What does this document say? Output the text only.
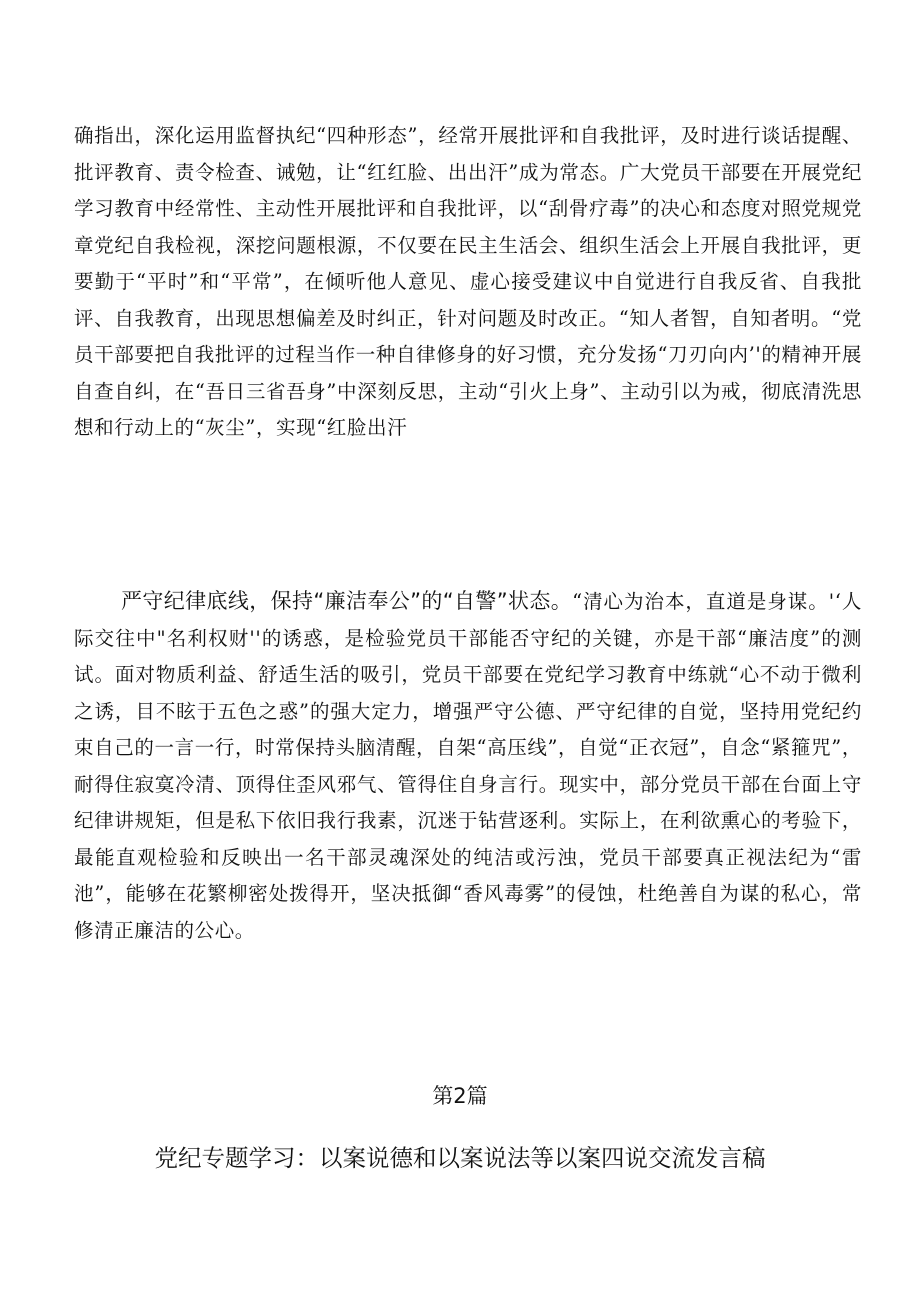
确指出，深化运用监督执纪“四种形态”，经常开展批评和自我批评，及时进行谈话提醒、批评教育、责令检查、诫勉，让“红红脸、出出汗”成为常态。广大党员干部要在开展党纪学习教育中经常性、主动性开展批评和自我批评，以“刮骨疗毒”的决心和态度对照党规党章党纪自我检视，深挖问题根源，不仅要在民主生活会、组织生活会上开展自我批评，更要勤于“平时”和“平常”，在倾听他人意见、虚心接受建议中自觉进行自我反省、自我批评、自我教育，出现思想偏差及时纠正，针对问题及时改正。“知人者智，自知者明。“党员干部要把自我批评的过程当作一种自律修身的好习惯，充分发扬“刀刃向内’'的精神开展自查自纠，在“吾日三省吾身”中深刻反思，主动“引火上身”、主动引以为戒，彻底清洗思想和行动上的“灰尘”，实现“红脸出汗

严守纪律底线，保持“廉洁奉公”的“自警”状态。“清心为治本，直道是身谋。'‘人际交往中"名利权财''的诱惑，是检验党员干部能否守纪的关键，亦是干部“廉洁度”的测试。面对物质利益、舒适生活的吸引，党员干部要在党纪学习教育中练就“心不动于微利之诱，目不眩于五色之惑”的强大定力，增强严守公德、严守纪律的自觉，坚持用党纪约束自己的一言一行，时常保持头脑清醒，自架“高压线”，自觉“正衣冠”，自念“紧箍咒”，耐得住寂寞冷清、顶得住歪风邪气、管得住自身言行。现实中，部分党员干部在台面上守纪律讲规矩，但是私下依旧我行我素，沉迷于钻营逐利。实际上，在利欲熏心的考验下，最能直观检验和反映出一名干部灵魂深处的纯洁或污浊，党员干部要真正视法纪为“雷池”，能够在花繁柳密处拨得开，坚决抵御“香风毒雾”的侵蚀，杜绝善自为谋的私心，常修清正廉洁的公心。

第2篇

党纪专题学习：以案说德和以案说法等以案四说交流发言稿
